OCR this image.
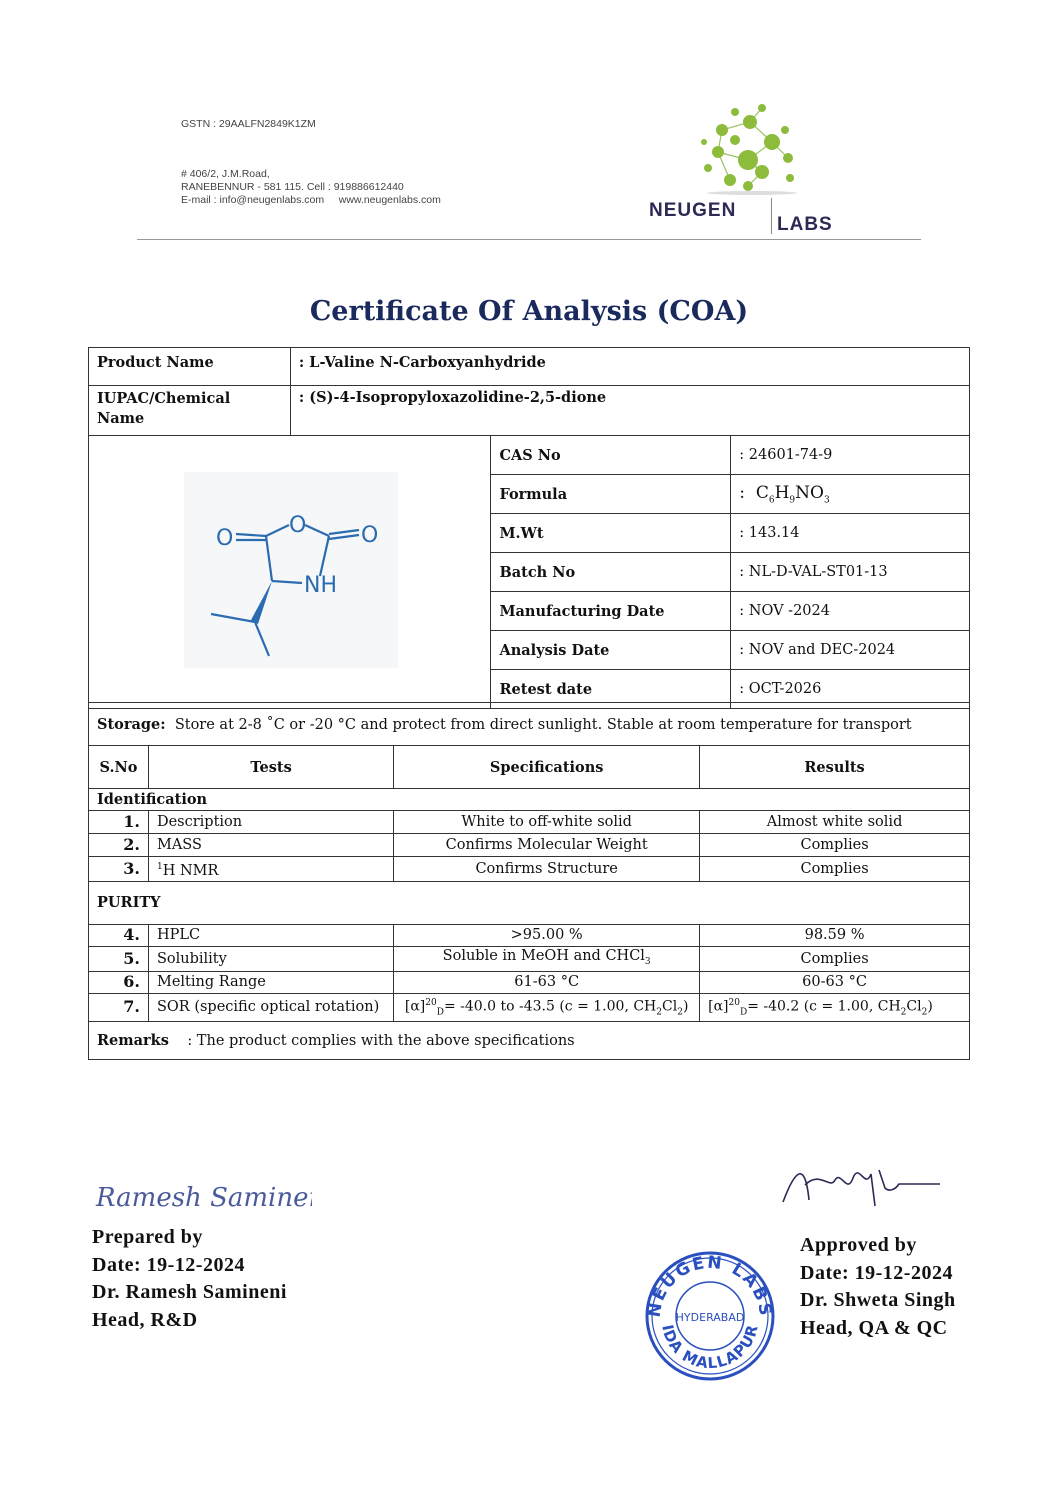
GSTN : 29AALFN2849K1ZM
# 406/2, J.M.Road,
RANEBENNUR - 581 115. Cell : 919886612440
E-mail : info@neugenlabs.com     www.neugenlabs.com	NEUGEN
LABS
Certificate Of Analysis (COA)
Product Name	: L-Valine N-Carboxyanhydride		
IUPAC/Chemical Name	: (S)-4-Isopropyloxazolidine-2,5-dione		

O
O O
NH		CAS No	: 24601-74-9
		Formula	:  $C_6H_9NO_3$
		M.Wt	: 143.14
		Batch No	: NL-D-VAL-ST01-13
		Manufacturing Date	: NOV -2024
		Analysis Date	: NOV and DEC-2024
		Retest date	: OCT-2026
Storage: Store at 2-8 ˚C or -20 °C and protect from direct sunlight. Stable at room temperature for transport			
S.No	Tests	Specifications	Results
Identification			
1.	Description	White to off-white solid	Almost white solid
2.	MASS	Confirms Molecular Weight	Complies
3.	$^1$H NMR	Confirms Structure	Complies
PURITY			
4.	HPLC	>95.00 %	98.59 %
5.	Solubility	Soluble in MeOH and CHCl$_3$	Complies
6.	Melting Range	61-63 °C	60-63 °C
7.	SOR (specific optical rotation)	$[\alpha]^{20}_D= -40.0$ to -43.5 (c = 1.00, $CH_2Cl_2$)	$[\alpha]^{20}_D= -40.2$ (c = 1.00, $CH_2Cl_2$)
Remarks : The product complies with the above specifications			
Ramesh Samineni
Prepared by
Date: 19-12-2024
Dr. Ramesh Samineni
Head, R&D
Approved by
Date: 19-12-2024
Dr. Shweta Singh
Head, QA & QC
NEUGEN LABS
IDA MALLAPUR
HYDERABAD
